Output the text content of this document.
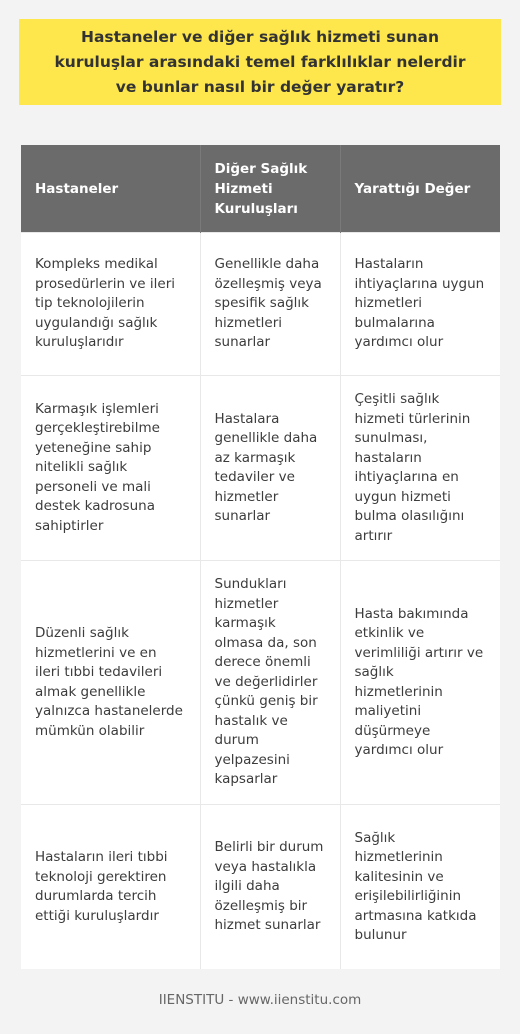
Hastaneler ve diğer sağlık hizmeti sunan kuruluşlar arasındaki temel farklılıklar nelerdir ve bunlar nasıl bir değer yaratır?
Hastaneler	Diğer Sağlık Hizmeti Kuruluşları	Yarattığı Değer
Kompleks medikal prosedürlerin ve ileri tip teknolojilerin uygulandığı sağlık kuruluşlarıdır	Genellikle daha özelleşmiş veya spesifik sağlık hizmetleri sunarlar	Hastaların ihtiyaçlarına uygun hizmetleri bulmalarına yardımcı olur
Karmaşık işlemleri gerçekleştirebilme yeteneğine sahip nitelikli sağlık personeli ve mali destek kadrosuna sahiptirler	Hastalara genellikle daha az karmaşık tedaviler ve hizmetler sunarlar	Çeşitli sağlık hizmeti türlerinin sunulması, hastaların ihtiyaçlarına en uygun hizmeti bulma olasılığını artırır
Düzenli sağlık hizmetlerini ve en ileri tıbbi tedavileri almak genellikle yalnızca hastanelerde mümkün olabilir	Sundukları hizmetler karmaşık olmasa da, son derece önemli ve değerlidirler çünkü geniş bir hastalık ve durum yelpazesini kapsarlar	Hasta bakımında etkinlik ve verimliliği artırır ve sağlık hizmetlerinin maliyetini düşürmeye yardımcı olur
Hastaların ileri tıbbi teknoloji gerektiren durumlarda tercih ettiği kuruluşlardır	Belirli bir durum veya hastalıkla ilgili daha özelleşmiş bir hizmet sunarlar	Sağlık hizmetlerinin kalitesinin ve erişilebilirliğinin artmasına katkıda bulunur
IIENSTITU - www.iienstitu.com
